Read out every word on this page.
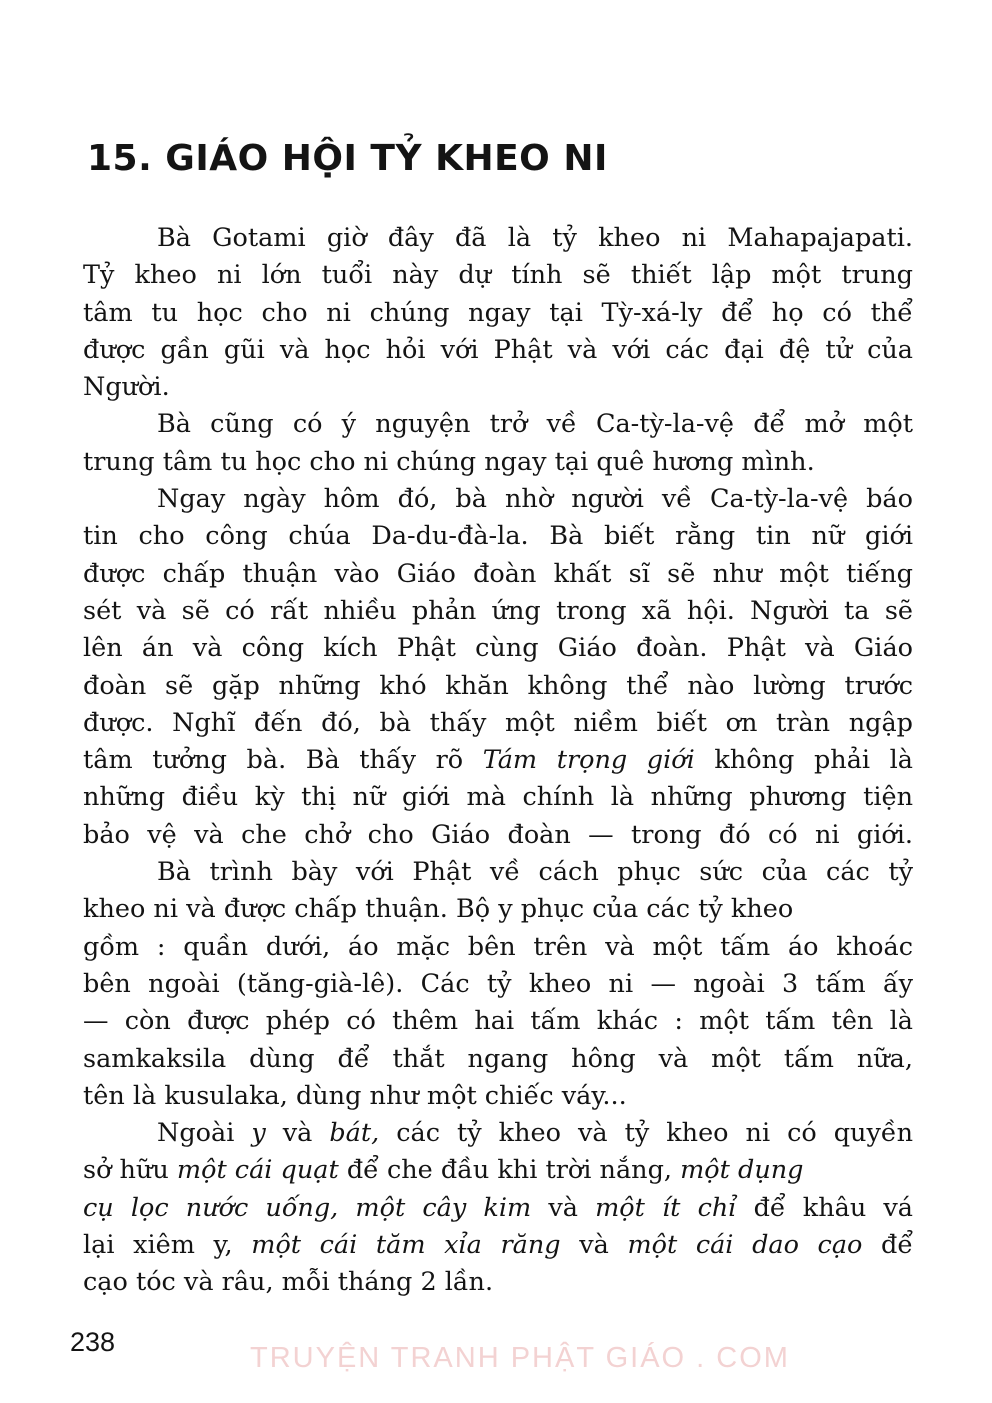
15. GIÁO HỘI TỶ KHEO NI
Bà Gotami giờ đây đã là tỷ kheo ni Mahapajapati.
Tỷ kheo ni lớn tuổi này dự tính sẽ thiết lập một trung
tâm tu học cho ni chúng ngay tại Tỳ-xá-ly để họ có thể
được gần gũi và học hỏi với Phật và với các đại đệ tử của
Người.
Bà cũng có ý nguyện trở về Ca-tỳ-la-vệ để mở một
trung tâm tu học cho ni chúng ngay tại quê hương mình.
Ngay ngày hôm đó, bà nhờ người về Ca-tỳ-la-vệ báo
tin cho công chúa Da-du-đà-la. Bà biết rằng tin nữ giới
được chấp thuận vào Giáo đoàn khất sĩ sẽ như một tiếng
sét và sẽ có rất nhiều phản ứng trong xã hội. Người ta sẽ
lên án và công kích Phật cùng Giáo đoàn. Phật và Giáo
đoàn sẽ gặp những khó khăn không thể nào lường trước
được. Nghĩ đến đó, bà thấy một niềm biết ơn tràn ngập
tâm tưởng bà. Bà thấy rõ Tám trọng giới không phải là
những điều kỳ thị nữ giới mà chính là những phương tiện
bảo vệ và che chở cho Giáo đoàn — trong đó có ni giới.
Bà trình bày với Phật về cách phục sức của các tỷ
kheo ni và được chấp thuận. Bộ y phục của các tỷ kheo
gồm : quần dưới, áo mặc bên trên và một tấm áo khoác
bên ngoài (tăng-già-lê). Các tỷ kheo ni — ngoài 3 tấm ấy
— còn được phép có thêm hai tấm khác : một tấm tên là
samkaksila dùng để thắt ngang hông và một tấm nữa,
tên là kusulaka, dùng như một chiếc váy...
Ngoài y và bát, các tỷ kheo và tỷ kheo ni có quyền
sở hữu một cái quạt để che đầu khi trời nắng, một dụng
cụ lọc nước uống, một cây kim và một ít chỉ để khâu vá
lại xiêm y, một cái tăm xỉa răng và một cái dao cạo để
cạo tóc và râu, mỗi tháng 2 lần.
238	TRUYỆN TRANH PHẬT GIÁO . COM
